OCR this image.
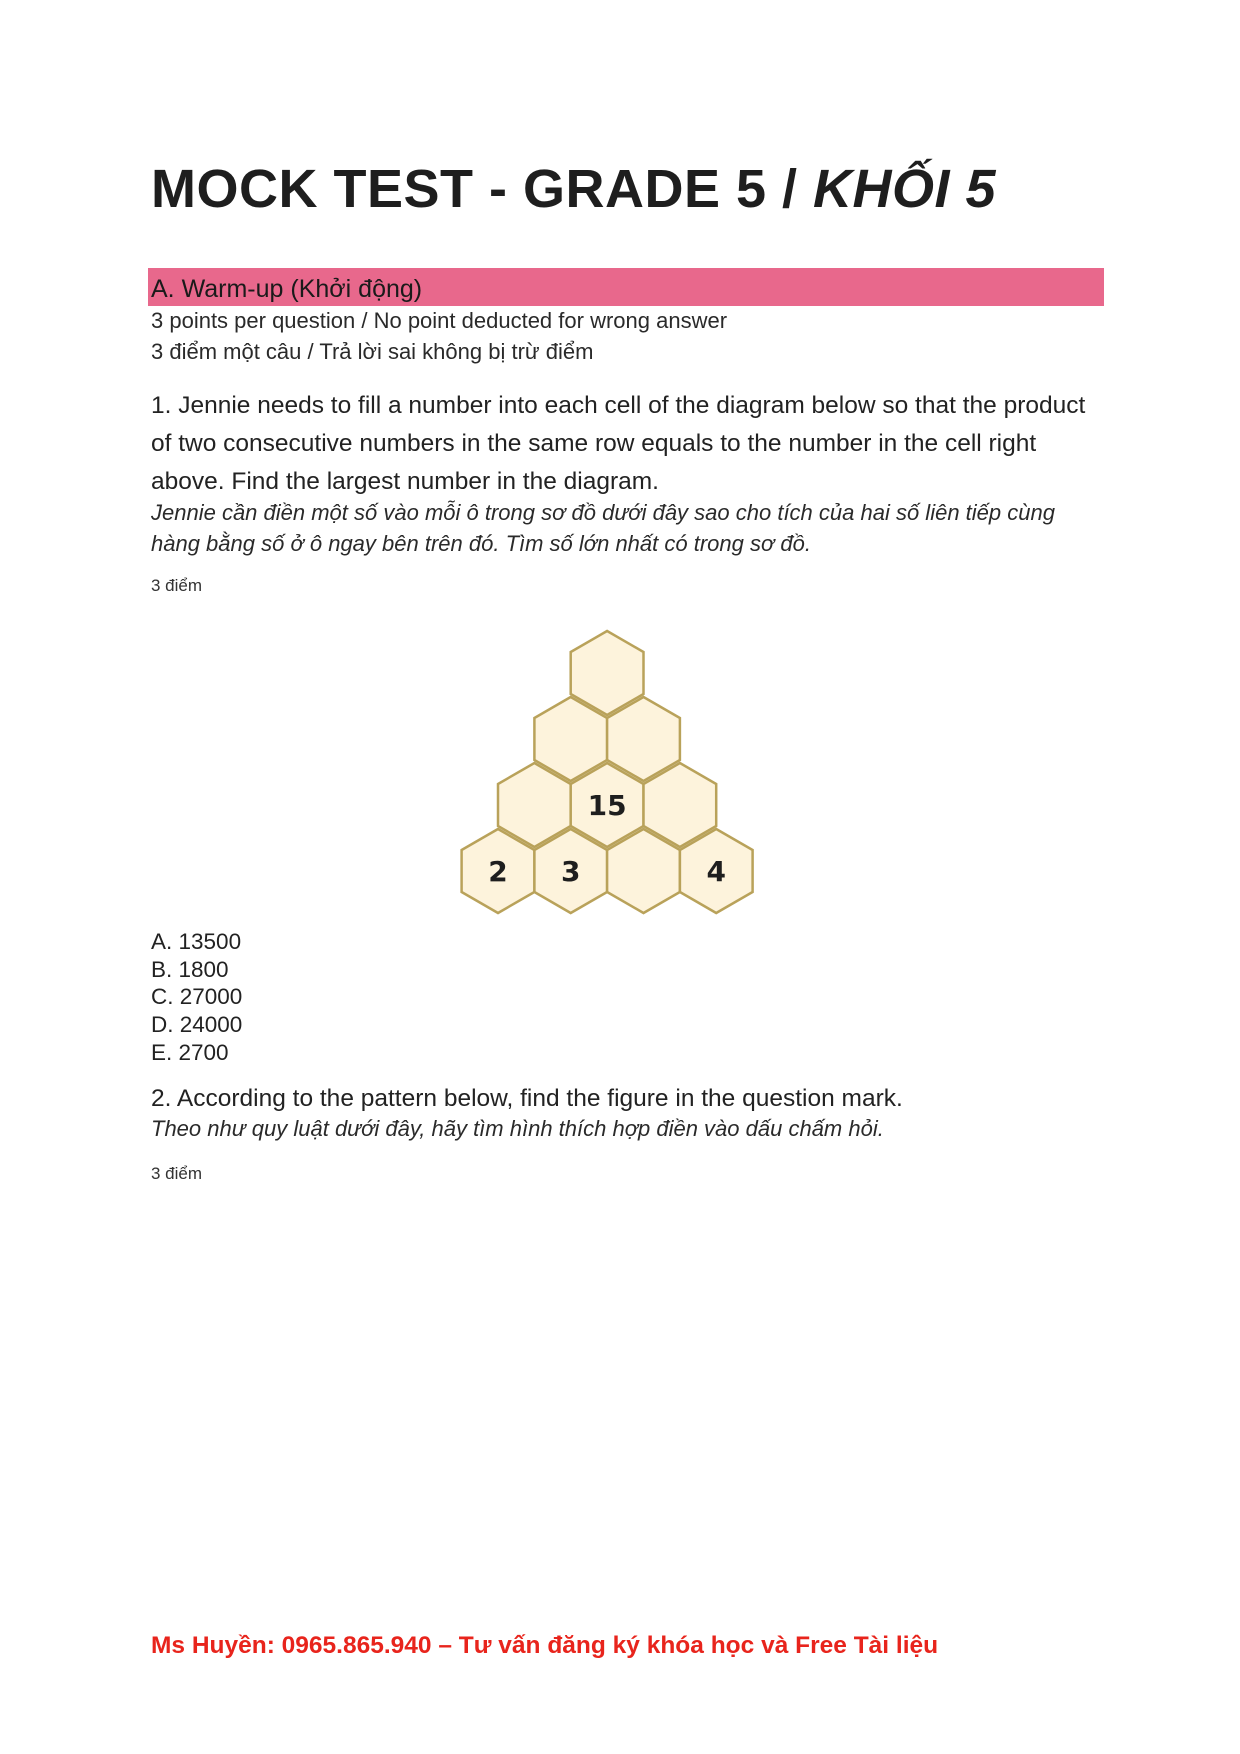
MOCK TEST - GRADE 5 / KHỐI 5
A. Warm-up (Khởi động)
3 points per question / No point deducted for wrong answer
3 điểm một câu / Trả lời sai không bị trừ điểm
1. Jennie needs to fill a number into each cell of the diagram below so that the product of two consecutive numbers in the same row equals to the number in the cell right above. Find the largest number in the diagram.
Jennie cần điền một số vào mỗi ô trong sơ đồ dưới đây sao cho tích của hai số liên tiếp cùng hàng bằng số ở ô ngay bên trên đó. Tìm số lớn nhất có trong sơ đồ.
3 điểm
2 3	4
15
A. 13500
B. 1800
C. 27000
D. 24000
E. 2700
2. According to the pattern below, find the figure in the question mark.
Theo như quy luật dưới đây, hãy tìm hình thích hợp điền vào dấu chấm hỏi.
3 điểm
Ms Huyền: 0965.865.940 – Tư vấn đăng ký khóa học và Free Tài liệu
